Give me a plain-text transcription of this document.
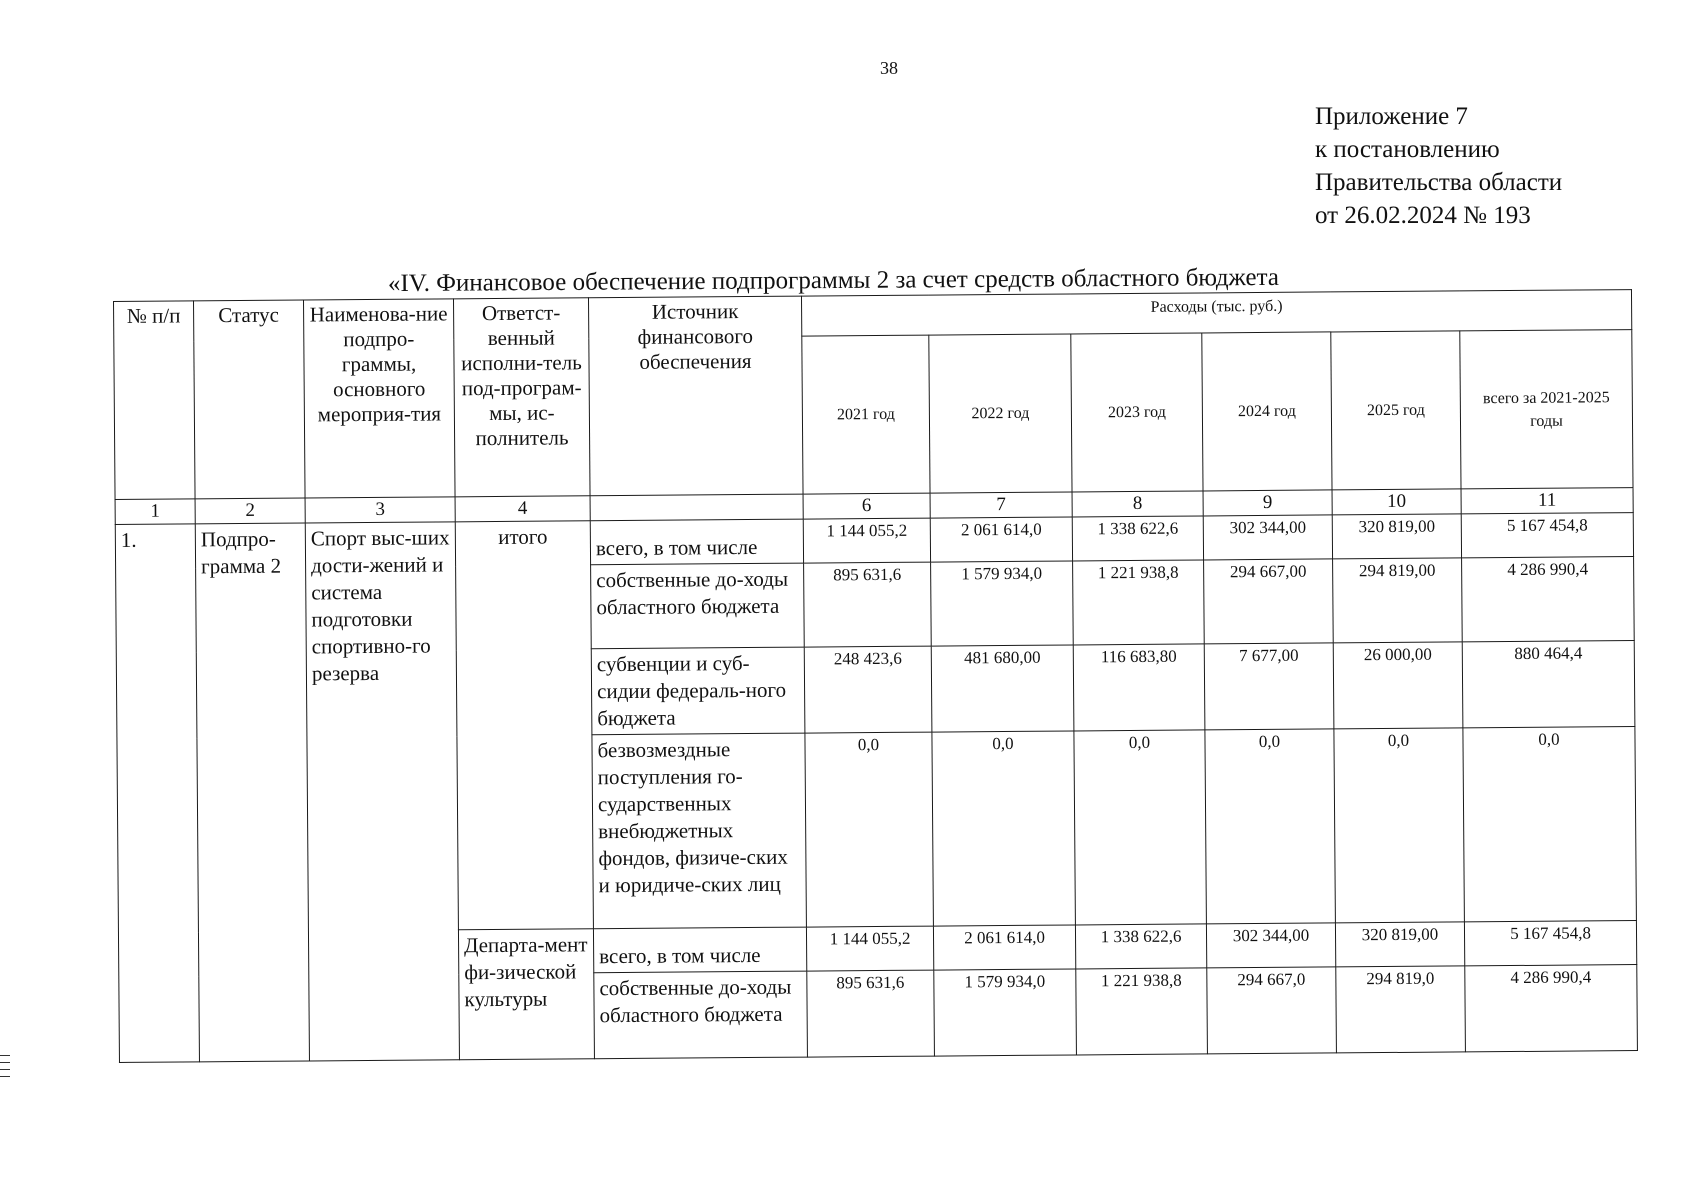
38
Приложение 7
к постановлению
Правительства области
от 26.02.2024 № 193
«IV. Финансовое обеспечение подпрограммы 2 за счет средств областного бюджета
№ п/п	Статус	Наименова-ние подпро-граммы, основного мероприя-тия	Ответст-венный исполни-тель под-програм-мы, ис-полнитель	Источник финансового обеспечения	Расходы (тыс. руб.)					
					2021 год	2022 год	2023 год	2024 год	2025 год	всего за 2021-2025 годы
1	2	3	4		6	7	8	9	10	11
1.	Подпро-грамма 2	Спорт выс-ших дости-жений и система подготовки спортивно-го резерва	итого	всего, в том числе	1 144 055,2	2 061 614,0	1 338 622,6	302 344,00	320 819,00	5 167 454,8
				собственные до-ходы областного бюджета	895 631,6	1 579 934,0	1 221 938,8	294 667,00	294 819,00	4 286 990,4
				субвенции и суб-сидии федераль-ного бюджета	248 423,6	481 680,00	116 683,80	7 677,00	26 000,00	880 464,4
				безвозмездные поступления го-сударственных внебюджетных фондов, физиче-ских и юридиче-ских лиц	0,0	0,0	0,0	0,0	0,0	0,0
			Департа-мент фи-зической культуры	всего, в том числе	1 144 055,2	2 061 614,0	1 338 622,6	302 344,00	320 819,00	5 167 454,8
				собственные до-ходы областного бюджета	895 631,6	1 579 934,0	1 221 938,8	294 667,0	294 819,0	4 286 990,4
